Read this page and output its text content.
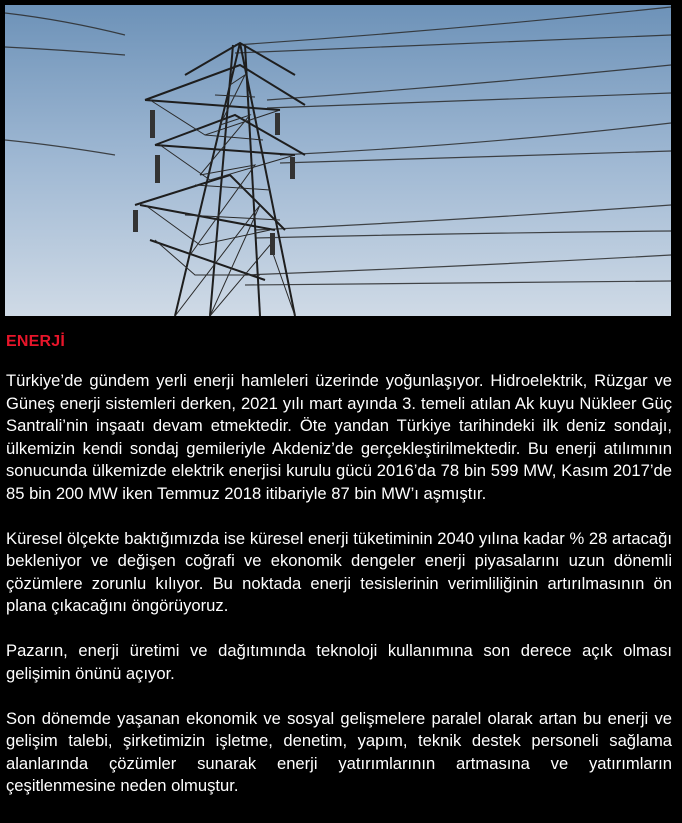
ENERJİ

Türkiye’de gündem yerli enerji hamleleri üzerinde yoğunlaşıyor. Hidroelektrik, Rüzgar ve Güneş enerji sistemleri derken, 2021 yılı mart ayında 3. temeli atılan Ak kuyu Nükleer Güç Santrali’nin inşaatı devam etmektedir. Öte yandan Türkiye tarihindeki ilk deniz sondajı, ülkemizin kendi sondaj gemileriyle Akdeniz’de gerçekleştirilmektedir. Bu enerji atılımının sonucunda ülkemizde elektrik enerjisi kurulu gücü 2016’da 78 bin 599 MW, Kasım 2017’de 85 bin 200 MW iken Temmuz 2018 itibariyle 87 bin MW’ı aşmıştır.

Küresel ölçekte baktığımızda ise küresel enerji tüketiminin 2040 yılına kadar % 28 artacağı bekleniyor ve değişen coğrafi ve ekonomik dengeler enerji piyasalarını uzun dönemli çözümlere zorunlu kılıyor. Bu noktada enerji tesislerinin verimliliğinin artırılmasının ön plana çıkacağını öngörüyoruz.

Pazarın, enerji üretimi ve dağıtımında teknoloji kullanımına son derece açık olması gelişimin önünü açıyor.

Son dönemde yaşanan ekonomik ve sosyal gelişmelere paralel olarak artan bu enerji ve gelişim talebi, şirketimizin işletme, denetim, yapım, teknik destek personeli sağlama alanlarında çözümler sunarak enerji yatırımlarının artmasına ve yatırımların çeşitlenmesine neden olmuştur.
